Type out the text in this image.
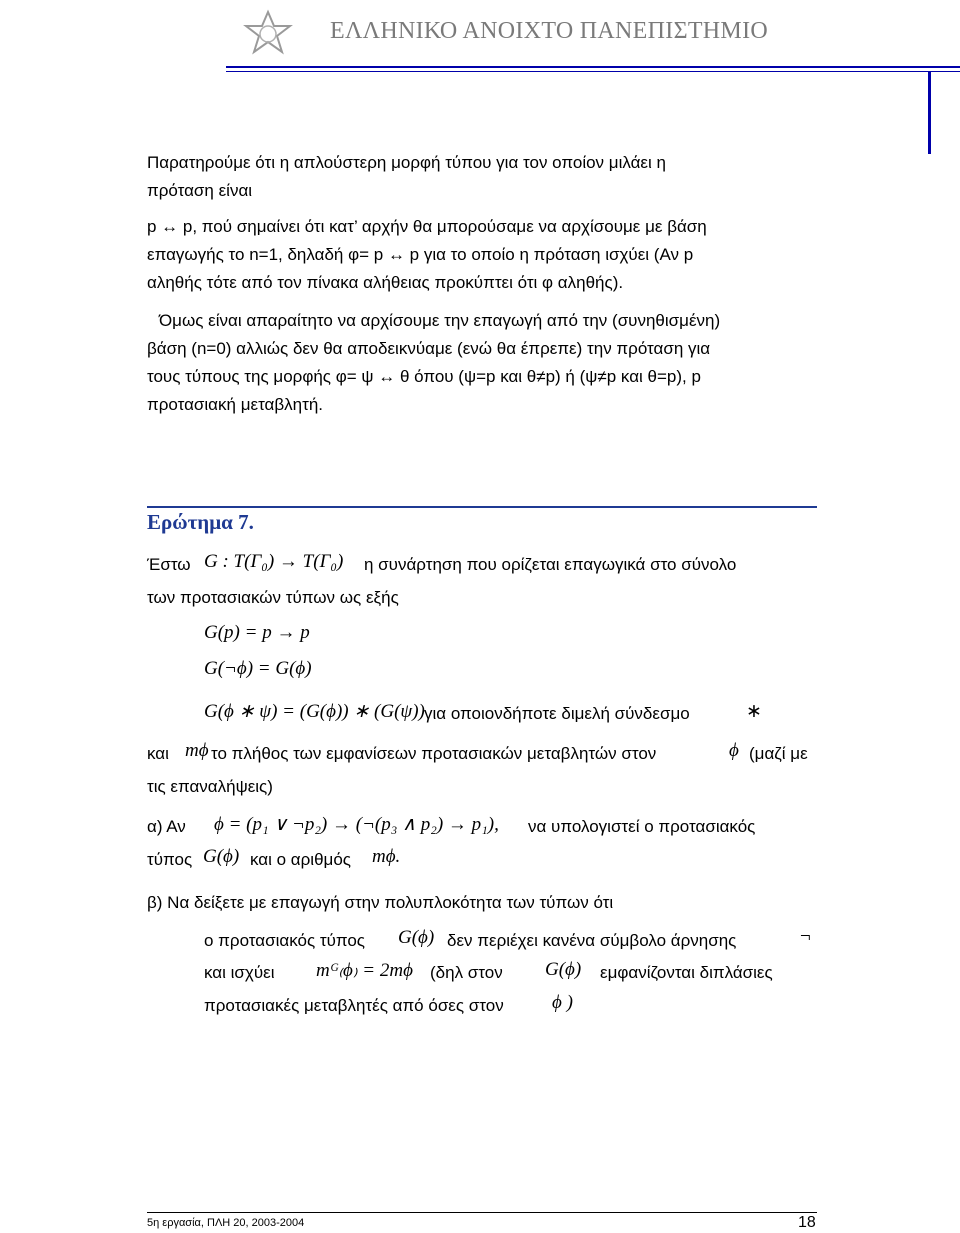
ΕΛΛΗΝΙΚΟ ΑΝΟΙΧΤΟ ΠΑΝΕΠΙΣΤΗΜΙΟ
Παρατηρούμε ότι η απλούστερη μορφή τύπου για τον οποίον μιλάει η
πρόταση είναι
p ↔ p, πού σημαίνει ότι κατ’ αρχήν θα μπορούσαμε να αρχίσουμε με βάση
επαγωγής το n=1, δηλαδή φ= p ↔ p για το οποίο η πρόταση ισχύει (Αν p
αληθής τότε από τον πίνακα αλήθειας προκύπτει ότι φ αληθής).
Όμως είναι απαραίτητο να αρχίσουμε την επαγωγή από την (συνηθισμένη)
βάση (n=0) αλλιώς δεν θα αποδεικνύαμε (ενώ θα έπρεπε) την πρόταση για
τους τύπους της μορφής φ= ψ ↔ θ όπου (ψ=p και θ≠p) ή (ψ≠p και θ=p), p
προτασιακή μεταβλητή.
Ερώτημα 7.
Έστω G : T(Γ₀) → T(Γ₀) η συνάρτηση που ορίζεται επαγωγικά στο σύνολο
των προτασιακών τύπων ως εξής
G(p) = p → p
G(¬ϕ) = G(ϕ)
G(ϕ ∗ ψ) = (G(ϕ)) ∗ (G(ψ)) για οποιονδήποτε διμελή σύνδεσμο	∗
και mϕ το πλήθος των εμφανίσεων προτασιακών μεταβλητών στον	ϕ (μαζί με
τις επαναλήψεις)
α) Αν ϕ = (p₁ ∨ ¬p₂) → (¬(p₃ ∧ p₂) → p₁), να υπολογιστεί ο προτασιακός
τύπος G(ϕ) και ο αριθμός mϕ.
β) Να δείξετε με επαγωγή στην πολυπλοκότητα των τύπων ότι
ο προτασιακός τύπος G(ϕ) δεν περιέχει κανένα σύμβολο άρνησης	¬
και ισχύει mᴳ₍ϕ₎ = 2mϕ (δηλ στον G(ϕ) εμφανίζονται διπλάσιες
προτασιακές μεταβλητές από όσες στον	ϕ )
5η εργασία, ΠΛΗ 20, 2003-2004	18
